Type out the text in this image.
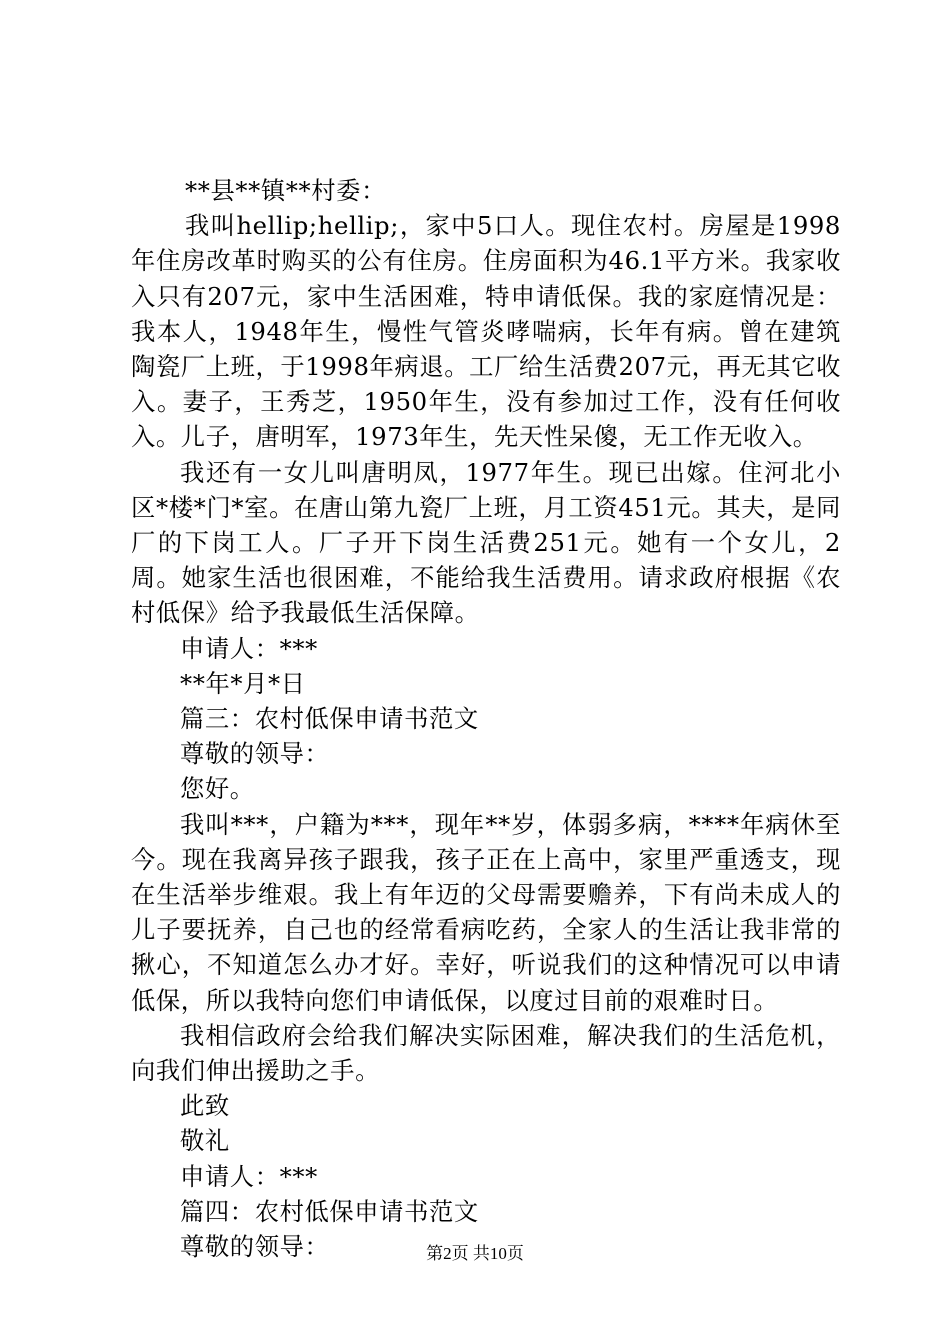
**县**镇**村委：

我叫hellip;hellip;，家中5口人。现住农村。房屋是1998年住房改革时购买的公有住房。住房面积为46.1平方米。我家收入只有207元，家中生活困难，特申请低保。我的家庭情况是：我本人，1948年生，慢性气管炎哮喘病，长年有病。曾在建筑陶瓷厂上班，于1998年病退。工厂给生活费207元，再无其它收入。妻子，王秀芝，1950年生，没有参加过工作，没有任何收入。儿子，唐明军，1973年生，先天性呆傻，无工作无收入。

我还有一女儿叫唐明凤，1977年生。现已出嫁。住河北小区*楼*门*室。在唐山第九瓷厂上班，月工资451元。其夫，是同厂的下岗工人。厂子开下岗生活费251元。她有一个女儿，2周。她家生活也很困难，不能给我生活费用。请求政府根据《农村低保》给予我最低生活保障。

申请人：***

**年*月*日

篇三：农村低保申请书范文

尊敬的领导：

您好。

我叫***，户籍为***，现年**岁，体弱多病，****年病休至今。现在我离异孩子跟我，孩子正在上高中，家里严重透支，现在生活举步维艰。我上有年迈的父母需要赡养，下有尚未成人的儿子要抚养，自己也的经常看病吃药，全家人的生活让我非常的揪心，不知道怎么办才好。幸好，听说我们的这种情况可以申请低保，所以我特向您们申请低保，以度过目前的艰难时日。

我相信政府会给我们解决实际困难，解决我们的生活危机，向我们伸出援助之手。

此致

敬礼

申请人：***

篇四：农村低保申请书范文

尊敬的领导：	第2页 共10页
